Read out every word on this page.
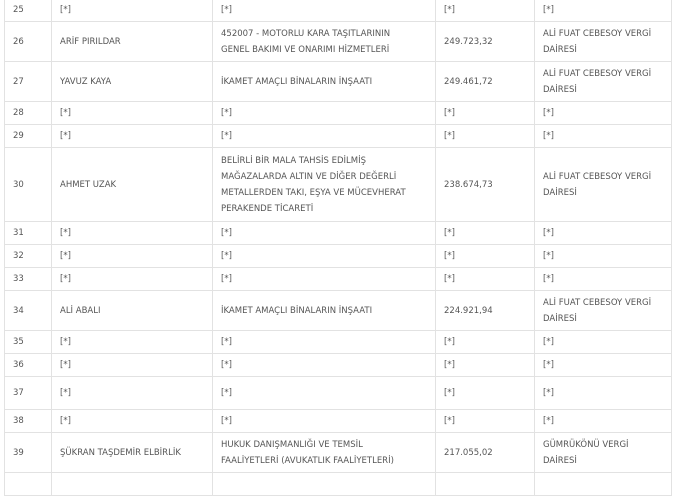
25	[*]	[*]	[*]	[*]

26	ARİF PIRILDAR	452007 - MOTORLU KARA TAŞITLARININ
GENEL BAKIMI VE ONARIMI HİZMETLERİ	249.723,32	ALİ FUAT CEBESOY VERGİ
DAİRESİ

27	YAVUZ KAYA	İKAMET AMAÇLI BİNALARIN İNŞAATI	249.461,72	ALİ FUAT CEBESOY VERGİ
DAİRESİ

28	[*]	[*]	[*]	[*]

29	[*]	[*]	[*]	[*]

30	AHMET UZAK	BELİRLİ BİR MALA TAHSİS EDİLMİŞ
MAĞAZALARDA ALTIN VE DİĞER DEĞERLİ
METALLERDEN TAKI, EŞYA VE MÜCEVHERAT
PERAKENDE TİCARETİ	238.674,73	ALİ FUAT CEBESOY VERGİ
DAİRESİ

31	[*]	[*]	[*]	[*]

32	[*]	[*]	[*]	[*]

33	[*]	[*]	[*]	[*]

34	ALİ ABALI	İKAMET AMAÇLI BİNALARIN İNŞAATI	224.921,94	ALİ FUAT CEBESOY VERGİ
DAİRESİ

35	[*]	[*]	[*]	[*]

36	[*]	[*]	[*]	[*]

37	[*]	[*]	[*]	[*]

38	[*]	[*]	[*]	[*]

39	ŞÜKRAN TAŞDEMİR ELBİRLİK	HUKUK DANIŞMANLIĞI VE TEMSİL
FAALİYETLERİ (AVUKATLIK FAALİYETLERİ)	217.055,02	GÜMRÜKÖNÜ VERGİ
DAİRESİ
